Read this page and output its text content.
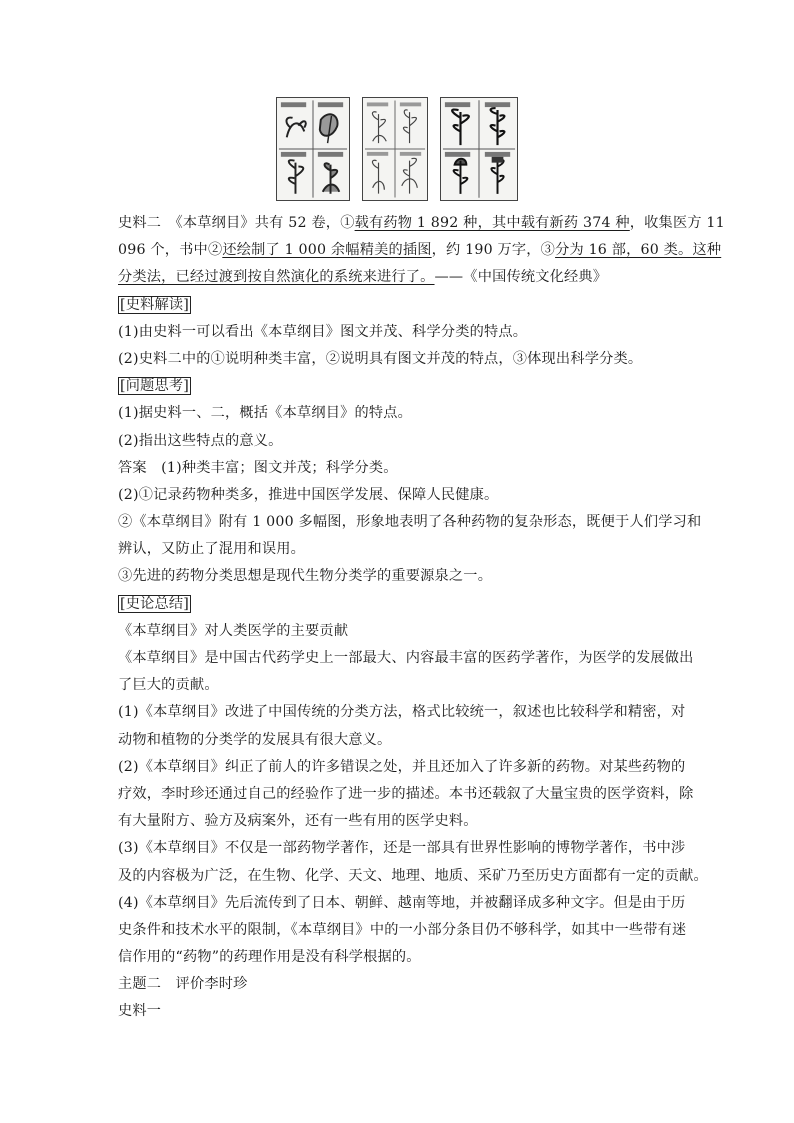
史料二　《本草纲目》共有 52 卷，①载有药物 1 892 种，其中载有新药 374 种，收集医方 11
096 个，书中②还绘制了 1 000 余幅精美的插图，约 190 万字，③分为 16 部，60 类。这种
分类法，已经过渡到按自然演化的系统来进行了。——《中国传统文化经典》
[史料解读]
(1)由史料一可以看出《本草纲目》图文并茂、科学分类的特点。
(2)史料二中的①说明种类丰富，②说明具有图文并茂的特点，③体现出科学分类。
[问题思考]
(1)据史料一、二，概括《本草纲目》的特点。
(2)指出这些特点的意义。
答案　(1)种类丰富；图文并茂；科学分类。
(2)①记录药物种类多，推进中国医学发展、保障人民健康。
②《本草纲目》附有 1 000 多幅图，形象地表明了各种药物的复杂形态，既便于人们学习和
辨认，又防止了混用和误用。
③先进的药物分类思想是现代生物分类学的重要源泉之一。
[史论总结]
《本草纲目》对人类医学的主要贡献
《本草纲目》是中国古代药学史上一部最大、内容最丰富的医药学著作，为医学的发展做出
了巨大的贡献。
(1)《本草纲目》改进了中国传统的分类方法，格式比较统一，叙述也比较科学和精密，对
动物和植物的分类学的发展具有很大意义。
(2)《本草纲目》纠正了前人的许多错误之处，并且还加入了许多新的药物。对某些药物的
疗效，李时珍还通过自己的经验作了进一步的描述。本书还载叙了大量宝贵的医学资料，除
有大量附方、验方及病案外，还有一些有用的医学史料。
(3)《本草纲目》不仅是一部药物学著作，还是一部具有世界性影响的博物学著作，书中涉
及的内容极为广泛，在生物、化学、天文、地理、地质、采矿乃至历史方面都有一定的贡献。
(4)《本草纲目》先后流传到了日本、朝鲜、越南等地，并被翻译成多种文字。但是由于历
史条件和技术水平的限制，《本草纲目》中的一小部分条目仍不够科学，如其中一些带有迷
信作用的“药物”的药理作用是没有科学根据的。
主题二　评价李时珍
史料一
